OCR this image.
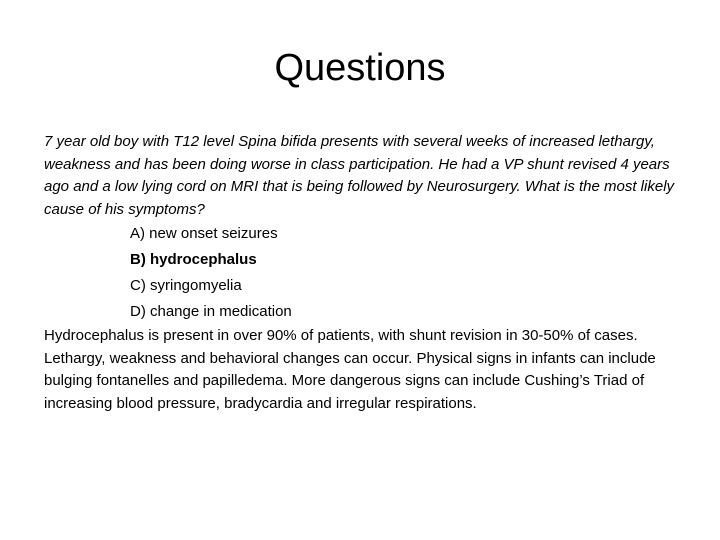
Questions

7 year old boy with T12 level Spina bifida presents with several weeks of increased lethargy, weakness and has been doing worse in class participation. He had a VP shunt revised 4 years ago and a low lying cord on MRI that is being followed by Neurosurgery. What is the most likely cause of his symptoms?

A) new onset seizures
B) hydrocephalus
C) syringomyelia
D) change in medication

Hydrocephalus is present in over 90% of patients, with shunt revision in 30-50% of cases. Lethargy, weakness and behavioral changes can occur. Physical signs in infants can include bulging fontanelles and papilledema. More dangerous signs can include Cushing’s Triad of increasing blood pressure, bradycardia and irregular respirations.
